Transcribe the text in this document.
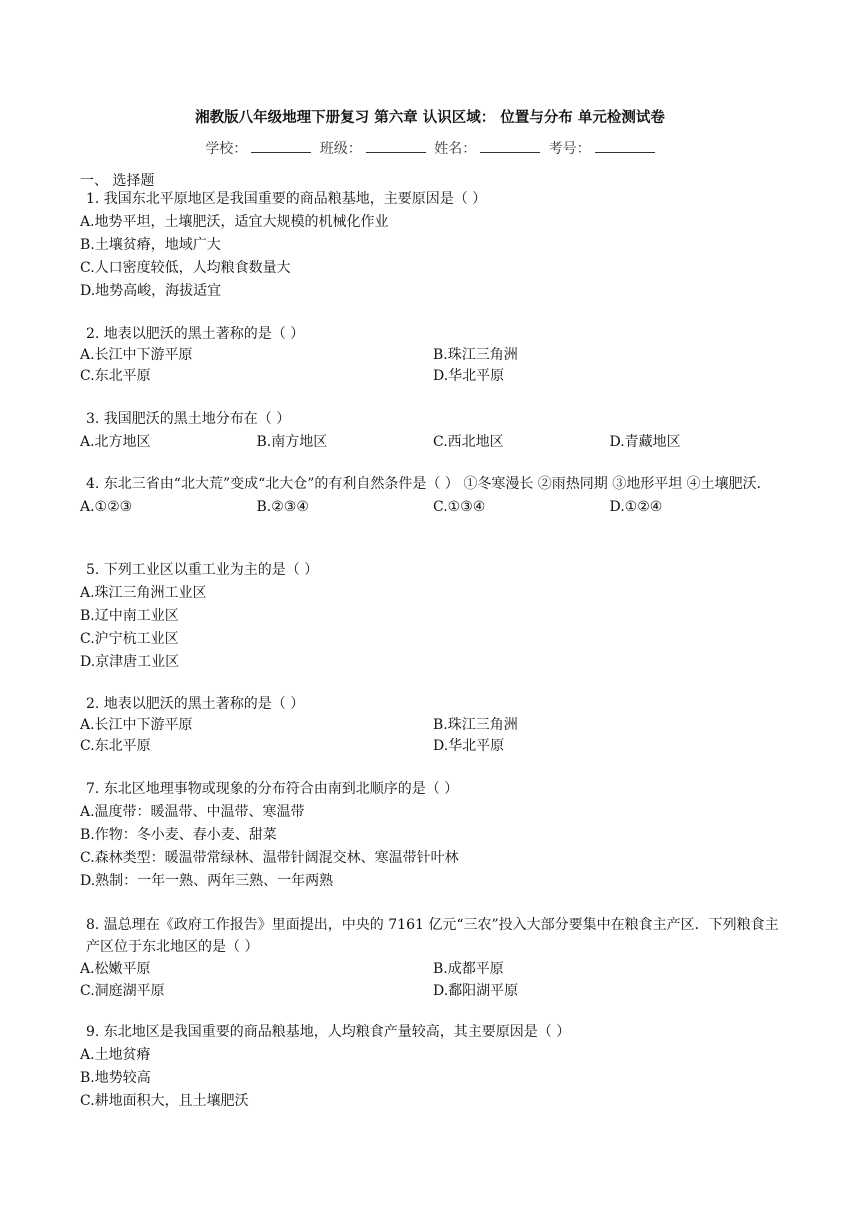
湘教版八年级地理下册复习 第六章 认识区域： 位置与分布 单元检测试卷
学校：	班级：	姓名：	考号：
一、 选择题
1. 我国东北平原地区是我国重要的商品粮基地，主要原因是（ ）
A.地势平坦，土壤肥沃，适宜大规模的机械化作业
B.土壤贫瘠，地域广大
C.人口密度较低，人均粮食数量大
D.地势高峻，海拔适宜
2. 地表以肥沃的黑土著称的是（ ）
A.长江中下游平原	B.珠江三角洲
C.东北平原	D.华北平原
3. 我国肥沃的黑土地分布在（ ）
A.北方地区	B.南方地区	C.西北地区	D.青藏地区
4. 东北三省由“北大荒”变成“北大仓”的有利自然条件是（ ） ①冬寒漫长 ②雨热同期 ③地形平坦 ④土壤肥沃．
A.①②③	B.②③④	C.①③④	D.①②④
5. 下列工业区以重工业为主的是（ ）
A.珠江三角洲工业区
B.辽中南工业区
C.沪宁杭工业区
D.京津唐工业区
2. 地表以肥沃的黑土著称的是（ ）
A.长江中下游平原	B.珠江三角洲
C.东北平原	D.华北平原
7. 东北区地理事物或现象的分布符合由南到北顺序的是（ ）
A.温度带：暖温带、中温带、寒温带
B.作物：冬小麦、春小麦、甜菜
C.森林类型：暖温带常绿林、温带针阔混交林、寒温带针叶林
D.熟制：一年一熟、两年三熟、一年两熟
8. 温总理在《政府工作报告》里面提出，中央的 7161 亿元“三农”投入大部分要集中在粮食主产区．下列粮食主产区位于东北地区的是（ ）
A.松嫩平原	B.成都平原
C.洞庭湖平原	D.鄱阳湖平原
9. 东北地区是我国重要的商品粮基地，人均粮食产量较高，其主要原因是（ ）
A.土地贫瘠
B.地势较高
C.耕地面积大，且土壤肥沃
